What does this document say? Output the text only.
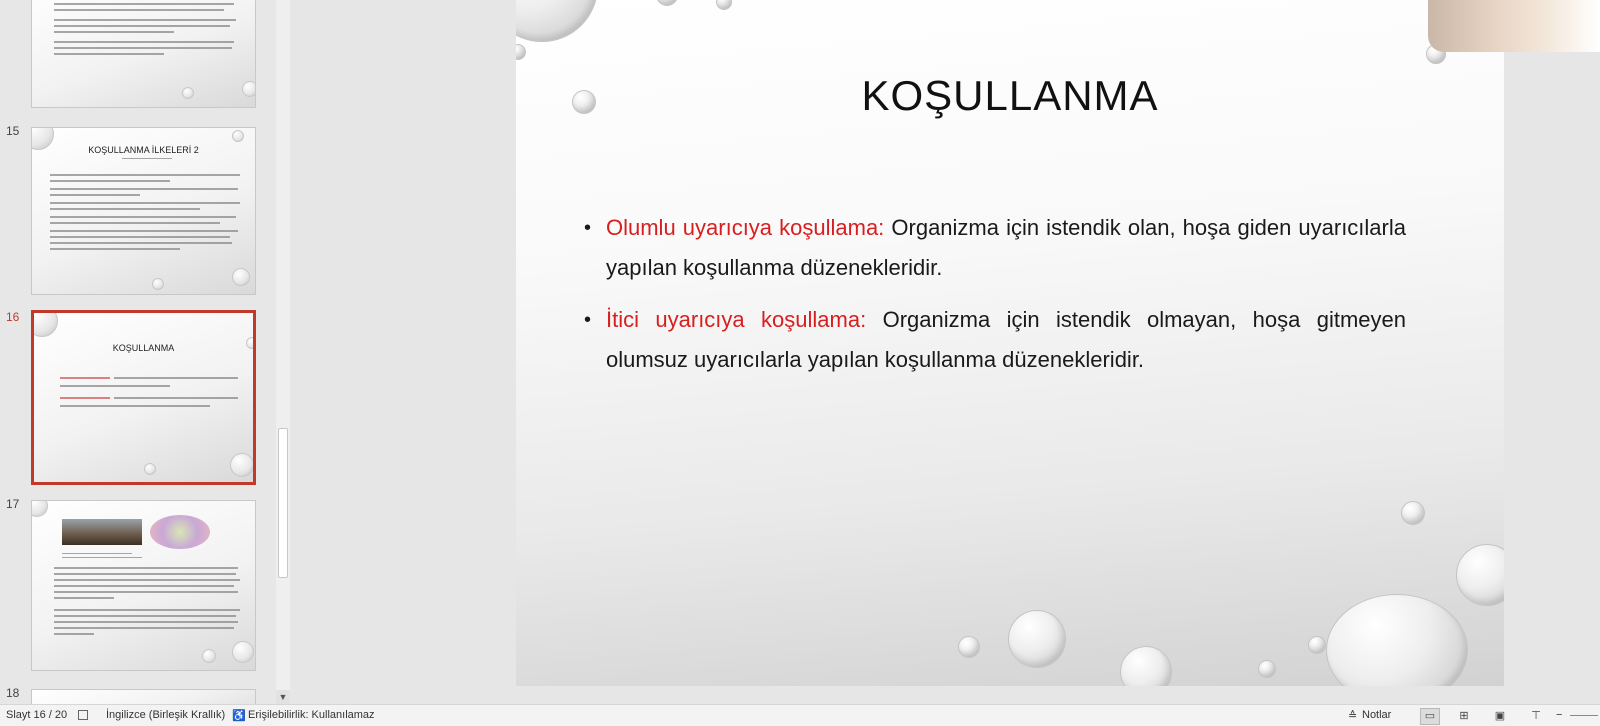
15
KOŞULLANMA İLKELERİ 2
16
KOŞULLANMA
17
18	▼
KOŞULLANMA
• Olumlu uyarıcıya koşullama: Organizma için istendik olan, hoşa giden uyarıcılarla yapılan koşullanma düzenekleridir.
• İtici uyarıcıya koşullama: Organizma için istendik olmayan, hoşa gitmeyen olumsuz uyarıcılarla yapılan koşullanma düzenekleridir.
Slayt 16 / 20	İngilizce (Birleşik Krallık) ♿ Erişilebilirlik: Kullanılamaz	≙ Notlar	▭	⊞	▣	⊤	−
